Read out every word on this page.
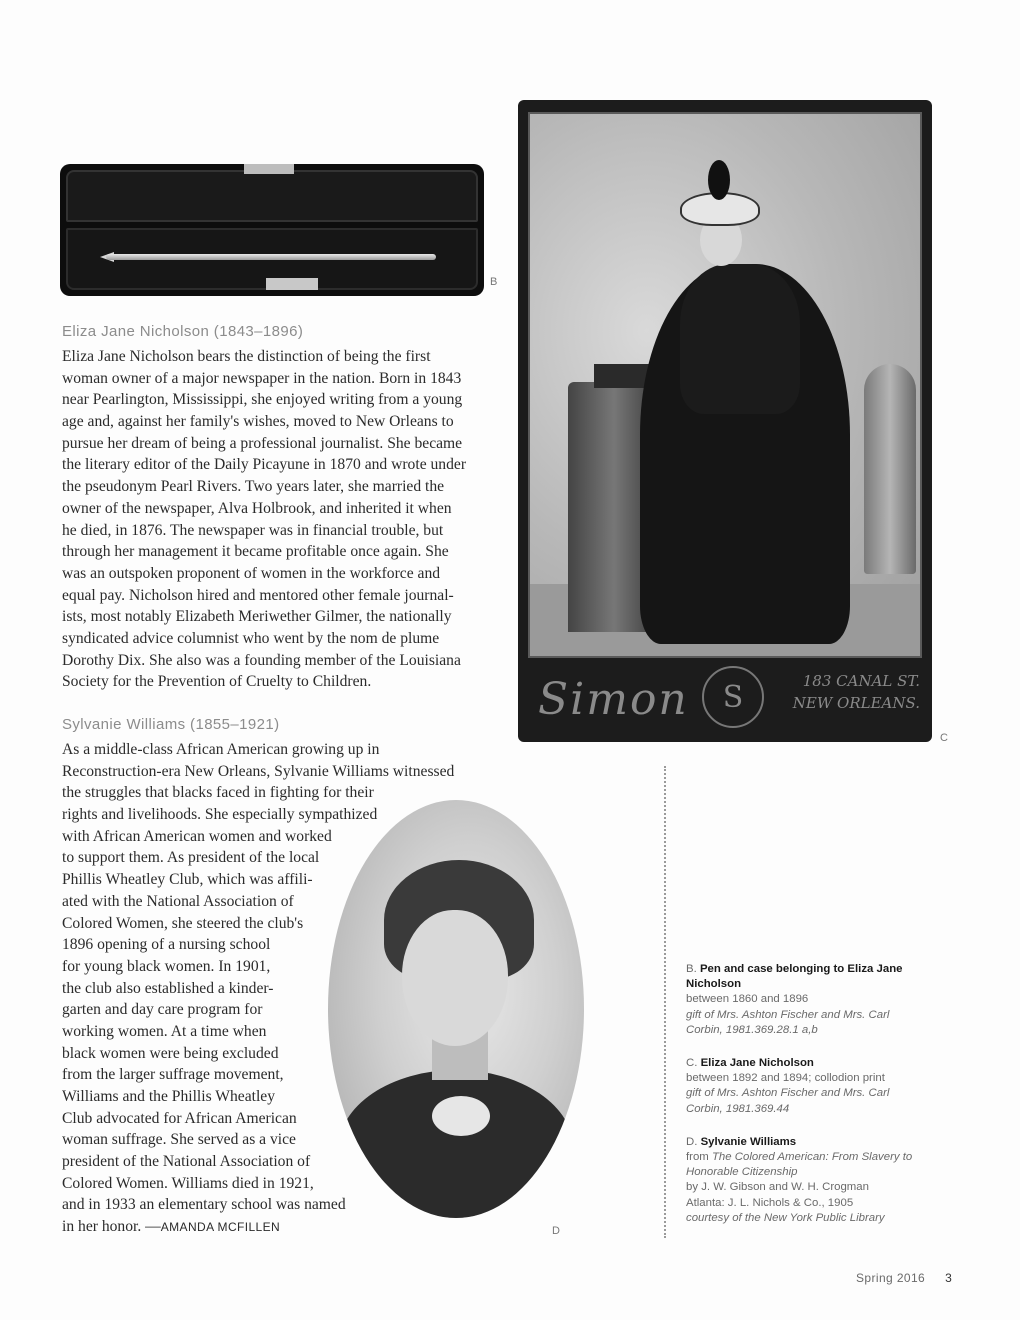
B
Simon	S	183 CANAL ST.
NEW ORLEANS.
C
Eliza Jane Nicholson (1843–1896)
Eliza Jane Nicholson bears the distinction of being the first
woman owner of a major newspaper in the nation. Born in 1843
near Pearlington, Mississippi, she enjoyed writing from a young
age and, against her family's wishes, moved to New Orleans to
pursue her dream of being a professional journalist. She became
the literary editor of the Daily Picayune in 1870 and wrote under
the pseudonym Pearl Rivers. Two years later, she married the
owner of the newspaper, Alva Holbrook, and inherited it when
he died, in 1876. The newspaper was in financial trouble, but
through her management it became profitable once again. She
was an outspoken proponent of women in the workforce and
equal pay. Nicholson hired and mentored other female journal-
ists, most notably Elizabeth Meriwether Gilmer, the nationally
syndicated advice columnist who went by the nom de plume
Dorothy Dix. She also was a founding member of the Louisiana
Society for the Prevention of Cruelty to Children.
D
Sylvanie Williams (1855–1921)
As a middle-class African American growing up in
Reconstruction-era New Orleans, Sylvanie Williams witnessed
the struggles that blacks faced in fighting for their
rights and livelihoods. She especially sympathized
with African American women and worked
to support them. As president of the local
Phillis Wheatley Club, which was affili-
ated with the National Association of
Colored Women, she steered the club's
1896 opening of a nursing school
for young black women. In 1901,
the club also established a kinder-
garten and day care program for
working women. At a time when
black women were being excluded
from the larger suffrage movement,
Williams and the Phillis Wheatley
Club advocated for African American
woman suffrage. She served as a vice
president of the National Association of
Colored Women. Williams died in 1921,
and in 1933 an elementary school was named
in her honor. —AMANDA MCFILLEN
B. Pen and case belonging to Eliza Jane Nicholson
between 1860 and 1896
gift of Mrs. Ashton Fischer and Mrs. Carl Corbin, 1981.369.28.1 a,b
C. Eliza Jane Nicholson
between 1892 and 1894; collodion print
gift of Mrs. Ashton Fischer and Mrs. Carl Corbin, 1981.369.44
D. Sylvanie Williams
from The Colored American: From Slavery to Honorable Citizenship
by J. W. Gibson and W. H. Crogman
Atlanta: J. L. Nichols & Co., 1905
courtesy of the New York Public Library
Spring 2016 3
